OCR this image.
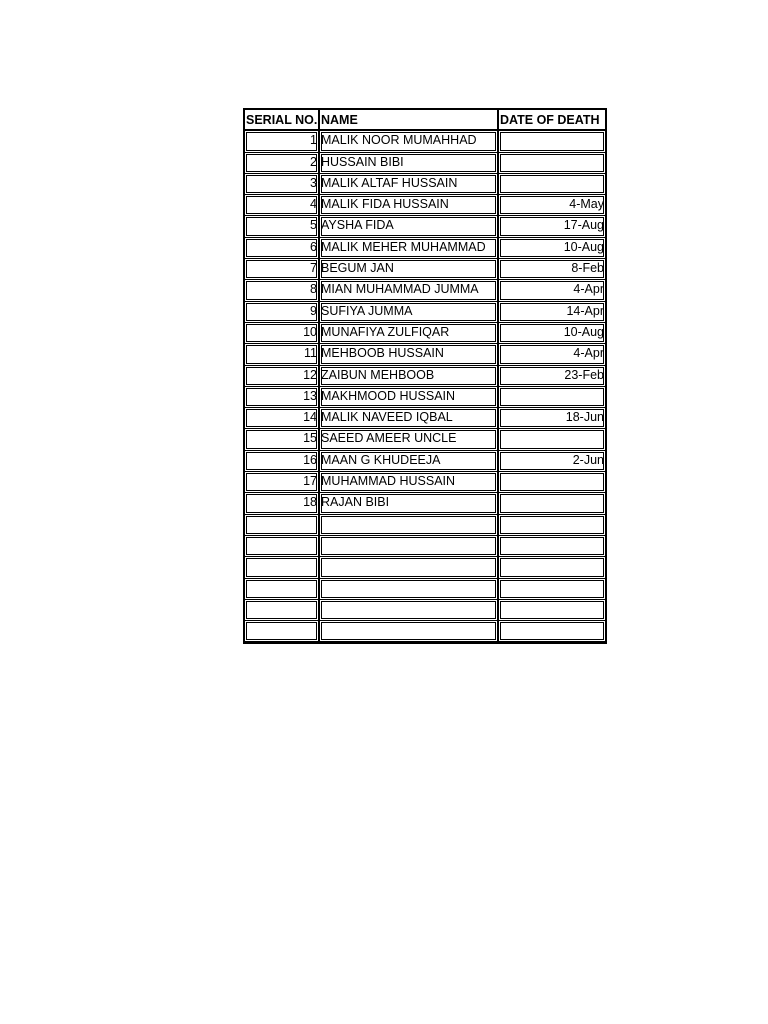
SERIAL NO. NAME	DATE OF DEATH
1 MALIK NOOR MUMAHHAD
2 HUSSAIN BIBI
3 MALIK ALTAF HUSSAIN
4 MALIK FIDA HUSSAIN	4-May
5 AYSHA FIDA	17-Aug
6 MALIK MEHER MUHAMMAD	10-Aug
7 BEGUM JAN	8-Feb
8 MIAN MUHAMMAD JUMMA	4-Apr
9 SUFIYA JUMMA	14-Apr
10 MUNAFIYA ZULFIQAR	10-Aug
11 MEHBOOB HUSSAIN	4-Apr
12 ZAIBUN MEHBOOB	23-Feb
13 MAKHMOOD HUSSAIN
14 MALIK NAVEED IQBAL	18-Jun
15 SAEED AMEER UNCLE
16 MAAN G KHUDEEJA	2-Jun
17 MUHAMMAD HUSSAIN
18 RAJAN BIBI
